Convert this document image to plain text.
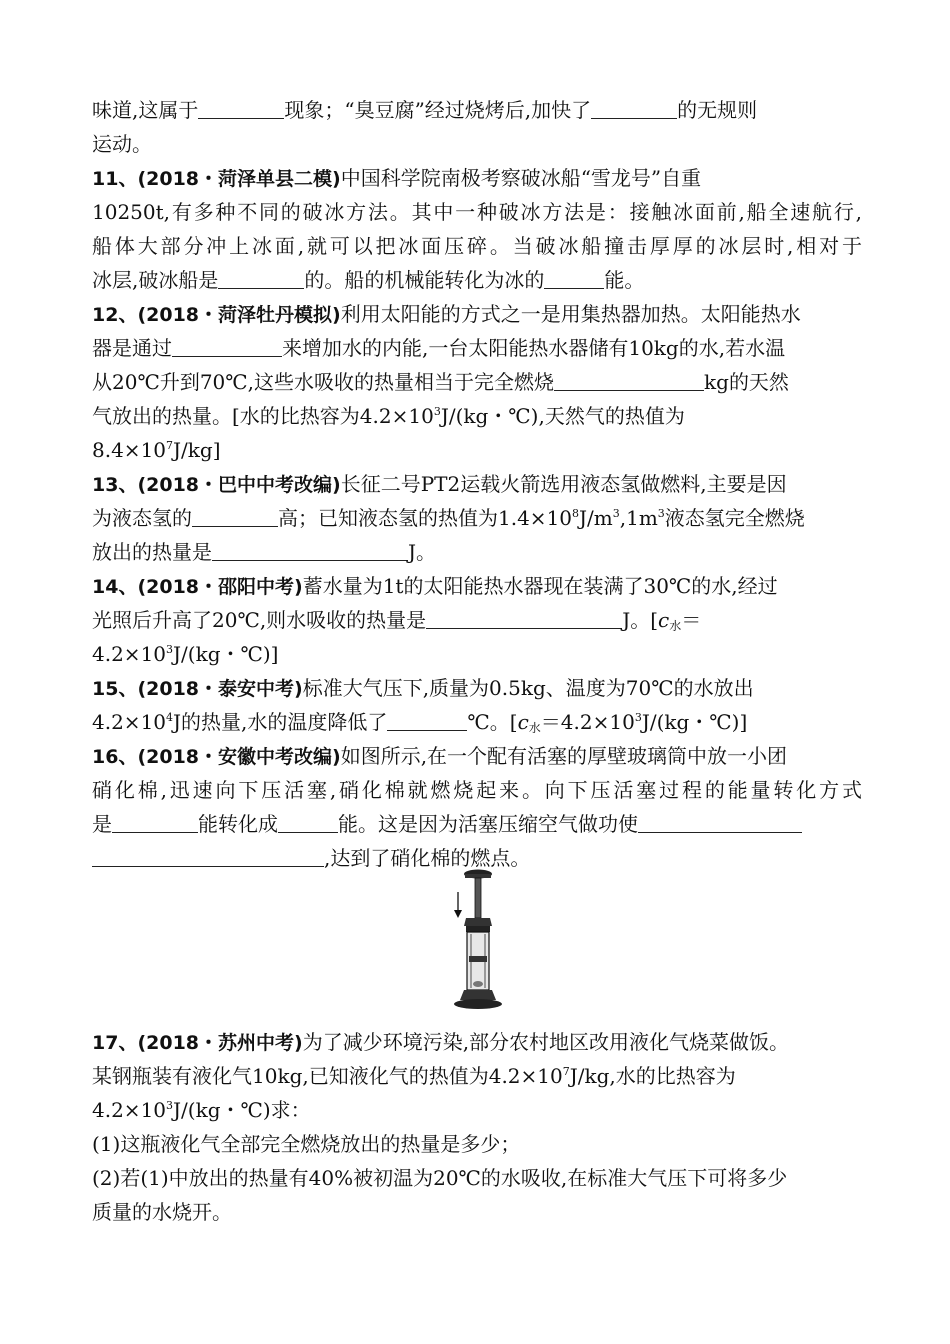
味道,这属于	现象；“臭豆腐”经过烧烤后,加快了	的无规则
运动。
11、(2018・菏泽单县二模)中国科学院南极考察破冰船“雪龙号”自重
10250t,有多种不同的破冰方法。其中一种破冰方法是：接触冰面前,船全速航行,
船体大部分冲上冰面,就可以把冰面压碎。当破冰船撞击厚厚的冰层时,相对于
冰层,破冰船是	的。船的机械能转化为冰的	能。
12、(2018・菏泽牡丹模拟)利用太阳能的方式之一是用集热器加热。太阳能热水
器是通过	来增加水的内能,一台太阳能热水器储有10kg的水,若水温
从20℃升到70℃,这些水吸收的热量相当于完全燃烧	kg的天然
气放出的热量。[水的比热容为$4.2\times 10^3J/(kg$・℃),天然气的热值为
$8.4\times 10^7J/kg$]
13、(2018・巴中中考改编)长征二号PT2运载火箭选用液态氢做燃料,主要是因
为液态氢的	高；已知液态氢的热值为$1.4\times 10^8J/m^3,1m^3$液态氢完全燃烧
放出的热量是	J。
14、(2018・邵阳中考)蓄水量为1t的太阳能热水器现在装满了30℃的水,经过
光照后升高了20℃,则水吸收的热量是	J。[$c_水=$
$4.2\times 10^3J/(kg$・℃)]
15、(2018・泰安中考)标准大气压下,质量为0.5kg、温度为70℃的水放出
$4.2\times 10^4J$的热量,水的温度降低了	℃。[$c_水=4.2\times 10^3J/(kg$・℃)]
16、(2018・安徽中考改编)如图所示,在一个配有活塞的厚壁玻璃筒中放一小团
硝化棉,迅速向下压活塞,硝化棉就燃烧起来。向下压活塞过程的能量转化方式
是	能转化成	能。这是因为活塞压缩空气做功使
,达到了硝化棉的燃点。
17、(2018・苏州中考)为了减少环境污染,部分农村地区改用液化气烧菜做饭。
某钢瓶装有液化气10kg,已知液化气的热值为$4.2\times 10^7J/kg$,水的比热容为
$4.2\times 10^3J/(kg$・℃)求：
(1)这瓶液化气全部完全燃烧放出的热量是多少；
(2)若(1)中放出的热量有40%被初温为20℃的水吸收,在标准大气压下可将多少
质量的水烧开。
